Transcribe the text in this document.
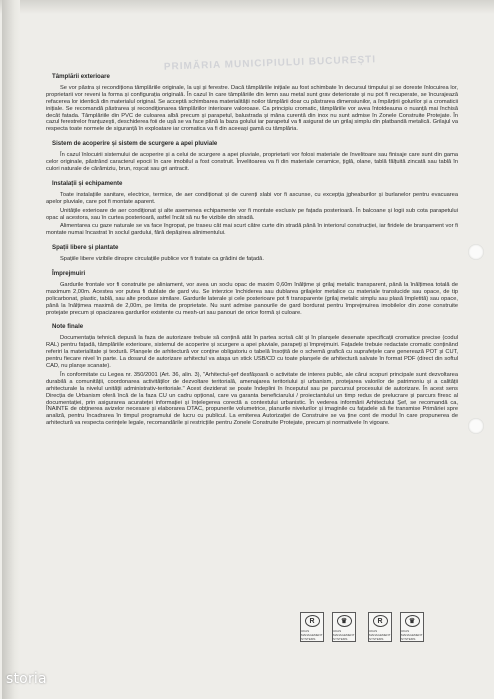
PRIMĂRIA MUNICIPIULUI BUCUREȘTI
Tâmplării exterioare

Se vor păstra și recondiționa tâmplăriile originale, la uși și ferestre. Dacă tâmplăriile inițiale au fost schimbate în decursul timpului și se doreste înlocuirea lor, proprietarii vor reveni la forma și configurația originală. În cazul în care tâmplăriile din lemn sau metal sunt grav deteriorate și nu pot fi recuperate, se încurajează refacerea lor identică din materialul original. Se acceptă schimbarea materialității noilor tâmplării doar cu păstrarea dimensiunilor, a împărțirii golurilor și a cromaticii inițiale. Se recomandă păstrarea și recondiționarea tâmplăriilor interioare valoroase. Ca principiu cromatic, tâmplăriile vor avea întotdeauna o nuanță mai închisă decât fatada. Tâmplăriile din PVC de culoarea albă precum și parapetul, balustrada și mâna curentă din inox nu sunt admise în Zonele Construite Protejate. În cazul ferestrelor franțuzești, deschiderea foii de ușă se va face până la baza golului iar parapetul va fi asigurat de un grilaj simplu din platbandă metalică. Grilajul va respecta toate normele de siguranță în exploatare iar cromatica va fi din aceeași gamă cu tâmplăria.

Sistem de acoperire și sistem de scurgere a apei pluviale

În cazul înlocuirii sistemului de acoperire și a celui de scurgere a apei pluviale, proprietarii vor folosi materiale de învelitoare sau finisaje care sunt din gama celor originale, păstrând caracterul epocii în care imobilul a fost construit. Învelitoarea va fi din materiale ceramice, țiglă, olane, tablă fălțuită zincată sau tablă în culori naturale de cărămiziu, brun, roșcat sau gri antracit.

Instalații și echipamente

Toate instalațiile sanitare, electrice, termice, de aer condiționat și de curenți slabi vor fi ascunse, cu excepția jgheaburilor și burlanelor pentru evacuarea apelor pluviale, care pot fi montate aparent.

Unitățile exterioare de aer condiționat și alte asemenea echipamente vor fi montate exclusiv pe fațada posterioară. În balcoane și logii sub cota parapetului opac al acestora, sau în curtea posterioară, astfel încât să nu fie vizibile din stradă.

Alimentarea cu gaze naturale se va face îngropat, pe traseu cât mai scurt către curte din stradă până în interiorul construcției, iar firidele de branșament vor fi montate numai încastrat în soclul gardului, fără depășirea alinimentului.

Spații libere și plantate

Spațiile libere vizibile dinspre circulațiile publice vor fi tratate ca grădini de fațadă.

Împrejmuiri

Gardurile frontale vor fi construite pe aliniament, vor avea un soclu opac de maxim 0,60m înălțime și grilaj metalic transparent, până la înălțimea totală de maximum 2,00m. Acestea vor putea fi dublate de gard viu. Se interzice închiderea sau dublarea grilajelor metalice cu materiale translucide sau opace, de tip policarbonat, plastic, tablă, sau alte produse similare. Gardurile laterale și cele posterioare pot fi transparente (grilaj metalic simplu sau plasă împletită) sau opace, până la înălțimea maximă de 2,00m, pe limita de proprietate. Nu sunt admise panourile de gard bordurat pentru împrejmuirea imobilelor din zone construite protejate precum și opacizarea gardurilor existente cu mesh-uri sau panouri de orice formă și culoare.

Note finale

Documentația tehnică depusă la faza de autorizare trebuie să conțină atât în partea scrisă cât și în planșele desenate specificații cromatice precise (codul RAL) pentru fațadă, tâmplăriile exterioare, sistemul de acoperire și scurgere a apei pluviale, parapeți și împrejmuiri. Fațadele trebuie redactate cromatic conținând referiri la materialitate și textură. Planșele de arhitectură vor conține obligatoriu o tabelă însoțită de o schemă grafică cu suprafețele care generează POT și CUT, pentru fiecare nivel în parte. La dosarul de autorizare arhitectul va atașa un stick USB/CD cu toate planșele de arhitectură salvate în format PDF (direct din softul CAD, nu planșe scanate).

În conformitate cu Legea nr. 350/2001 (Art. 36, alin. 3), "Arhitectul-șef desfășoară o activitate de interes public, ale cărui scopuri principale sunt dezvoltarea durabilă a comunității, coordonarea activităților de dezvoltare teritorială, amenajarea teritoriului și urbanism, protejarea valorilor de patrimoniu și a calității arhitecturale la nivelul unității administrativ-teritoriale." Acest deziderat se poate îndeplini în începutul sau pe parcursul procesului de autorizare. În acest sens Direcția de Urbanism oferă încă de la faza CU un cadru opțional, care va garanta beneficiarului / proiectantului un timp redus de prelucrare și parcurs firesc al documentației, prin asigurarea acurateței informației și înțelegerea corectă a contextului urbanistic. În vederea informării Arhitectului Șef, se recomandă ca, ÎNAINTE de obținerea avizelor necesare și elaborarea DTAC, propunerile volumetrice, planurile nivelurilor și imaginile cu fațadele să fie transmise Primăriei spre analiză, pentru încadrarea în timpul programului de lucru cu publicul. La emiterea Autorizației de Construire se va ține cont de modul în care propunerea de arhitectură va respecta cerințele legale, recomandările și restricțiile pentru Zonele Construite Protejate, precum și normativele în vigoare.

R
UKAS MANAGEMENT SYSTEMS
♛
UKAS MANAGEMENT SYSTEMS
R
UKAS MANAGEMENT SYSTEMS
♛
UKAS MANAGEMENT SYSTEMS
storia
